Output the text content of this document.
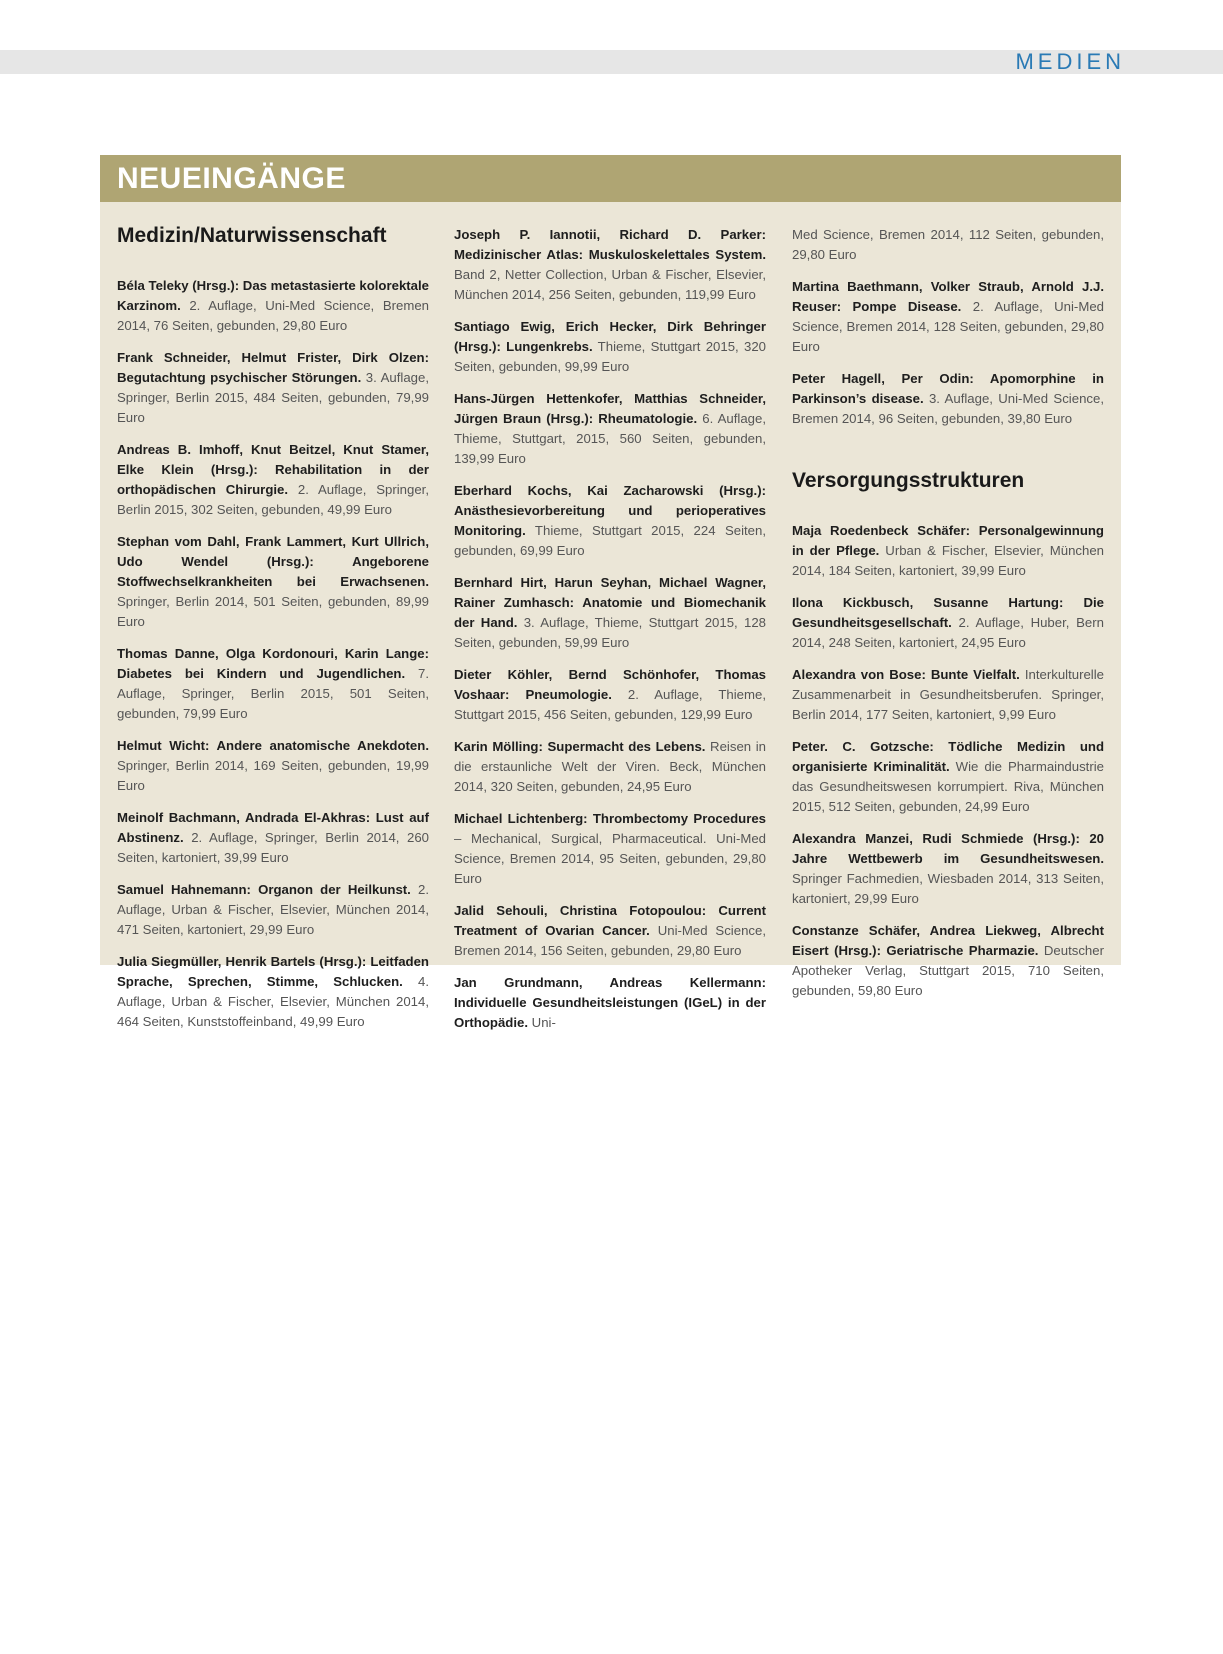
MEDIEN
NEUEINGÄNGE
Medizin/Naturwissenschaft

Béla Teleky (Hrsg.): Das metastasierte kolorektale Karzinom. 2. Auflage, Uni-Med Science, Bremen 2014, 76 Seiten, gebunden, 29,80 Euro

Frank Schneider, Helmut Frister, Dirk Olzen: Begutachtung psychischer Störungen. 3. Auflage, Springer, Berlin 2015, 484 Seiten, gebunden, 79,99 Euro

Andreas B. Imhoff, Knut Beitzel, Knut Stamer, Elke Klein (Hrsg.): Rehabilitation in der orthopädischen Chirurgie. 2. Auflage, Springer, Berlin 2015, 302 Seiten, gebunden, 49,99 Euro

Stephan vom Dahl, Frank Lammert, Kurt Ullrich, Udo Wendel (Hrsg.): Angeborene Stoffwechselkrankheiten bei Erwachsenen. Springer, Berlin 2014, 501 Seiten, gebunden, 89,99 Euro

Thomas Danne, Olga Kordonouri, Karin Lange: Diabetes bei Kindern und Jugendlichen. 7. Auflage, Springer, Berlin 2015, 501 Seiten, gebunden, 79,99 Euro

Helmut Wicht: Andere anatomische Anekdoten. Springer, Berlin 2014, 169 Seiten, gebunden, 19,99 Euro

Meinolf Bachmann, Andrada El-Akhras: Lust auf Abstinenz. 2. Auflage, Springer, Berlin 2014, 260 Seiten, kartoniert, 39,99 Euro

Samuel Hahnemann: Organon der Heilkunst. 2. Auflage, Urban & Fischer, Elsevier, München 2014, 471 Seiten, kartoniert, 29,99 Euro

Julia Siegmüller, Henrik Bartels (Hrsg.): Leitfaden Sprache, Sprechen, Stimme, Schlucken. 4. Auflage, Urban & Fischer, Elsevier, München 2014, 464 Seiten, Kunststoffeinband, 49,99 Euro

Joseph P. Iannotii, Richard D. Parker: Medizinischer Atlas: Muskuloskelettales System. Band 2, Netter Collection, Urban & Fischer, Elsevier, München 2014, 256 Seiten, gebunden, 119,99 Euro

Santiago Ewig, Erich Hecker, Dirk Behringer (Hrsg.): Lungenkrebs. Thieme, Stuttgart 2015, 320 Seiten, gebunden, 99,99 Euro

Hans-Jürgen Hettenkofer, Matthias Schneider, Jürgen Braun (Hrsg.): Rheumatologie. 6. Auflage, Thieme, Stuttgart, 2015, 560 Seiten, gebunden, 139,99 Euro

Eberhard Kochs, Kai Zacharowski (Hrsg.): Anästhesievorbereitung und perioperatives Monitoring. Thieme, Stuttgart 2015, 224 Seiten, gebunden, 69,99 Euro

Bernhard Hirt, Harun Seyhan, Michael Wagner, Rainer Zumhasch: Anatomie und Biomechanik der Hand. 3. Auflage, Thieme, Stuttgart 2015, 128 Seiten, gebunden, 59,99 Euro

Dieter Köhler, Bernd Schönhofer, Thomas Voshaar: Pneumologie. 2. Auflage, Thieme, Stuttgart 2015, 456 Seiten, gebunden, 129,99 Euro

Karin Mölling: Supermacht des Lebens. Reisen in die erstaunliche Welt der Viren. Beck, München 2014, 320 Seiten, gebunden, 24,95 Euro

Michael Lichtenberg: Thrombectomy Procedures – Mechanical, Surgical, Pharmaceutical. Uni-Med Science, Bremen 2014, 95 Seiten, gebunden, 29,80 Euro

Jalid Sehouli, Christina Fotopoulou: Current Treatment of Ovarian Cancer. Uni-Med Science, Bremen 2014, 156 Seiten, gebunden, 29,80 Euro

Jan Grundmann, Andreas Kellermann: Individuelle Gesundheitsleistungen (IGeL) in der Orthopädie. Uni-

Med Science, Bremen 2014, 112 Seiten, gebunden, 29,80 Euro

Martina Baethmann, Volker Straub, Arnold J.J. Reuser: Pompe Disease. 2. Auflage, Uni-Med Science, Bremen 2014, 128 Seiten, gebunden, 29,80 Euro

Peter Hagell, Per Odin: Apomorphine in Parkinson’s disease. 3. Auflage, Uni-Med Science, Bremen 2014, 96 Seiten, gebunden, 39,80 Euro

Versorgungsstrukturen

Maja Roedenbeck Schäfer: Personalgewinnung in der Pflege. Urban & Fischer, Elsevier, München 2014, 184 Seiten, kartoniert, 39,99 Euro

Ilona Kickbusch, Susanne Hartung: Die Gesundheitsgesellschaft. 2. Auflage, Huber, Bern 2014, 248 Seiten, kartoniert, 24,95 Euro

Alexandra von Bose: Bunte Vielfalt. Interkulturelle Zusammenarbeit in Gesundheitsberufen. Springer, Berlin 2014, 177 Seiten, kartoniert, 9,99 Euro

Peter. C. Gotzsche: Tödliche Medizin und organisierte Kriminalität. Wie die Pharmaindustrie das Gesundheitswesen korrumpiert. Riva, München 2015, 512 Seiten, gebunden, 24,99 Euro

Alexandra Manzei, Rudi Schmiede (Hrsg.): 20 Jahre Wettbewerb im Gesundheitswesen. Springer Fachmedien, Wiesbaden 2014, 313 Seiten, kartoniert, 29,99 Euro

Constanze Schäfer, Andrea Liekweg, Albrecht Eisert (Hrsg.): Geriatrische Pharmazie. Deutscher Apotheker Verlag, Stuttgart 2015, 710 Seiten, gebunden, 59,80 Euro
